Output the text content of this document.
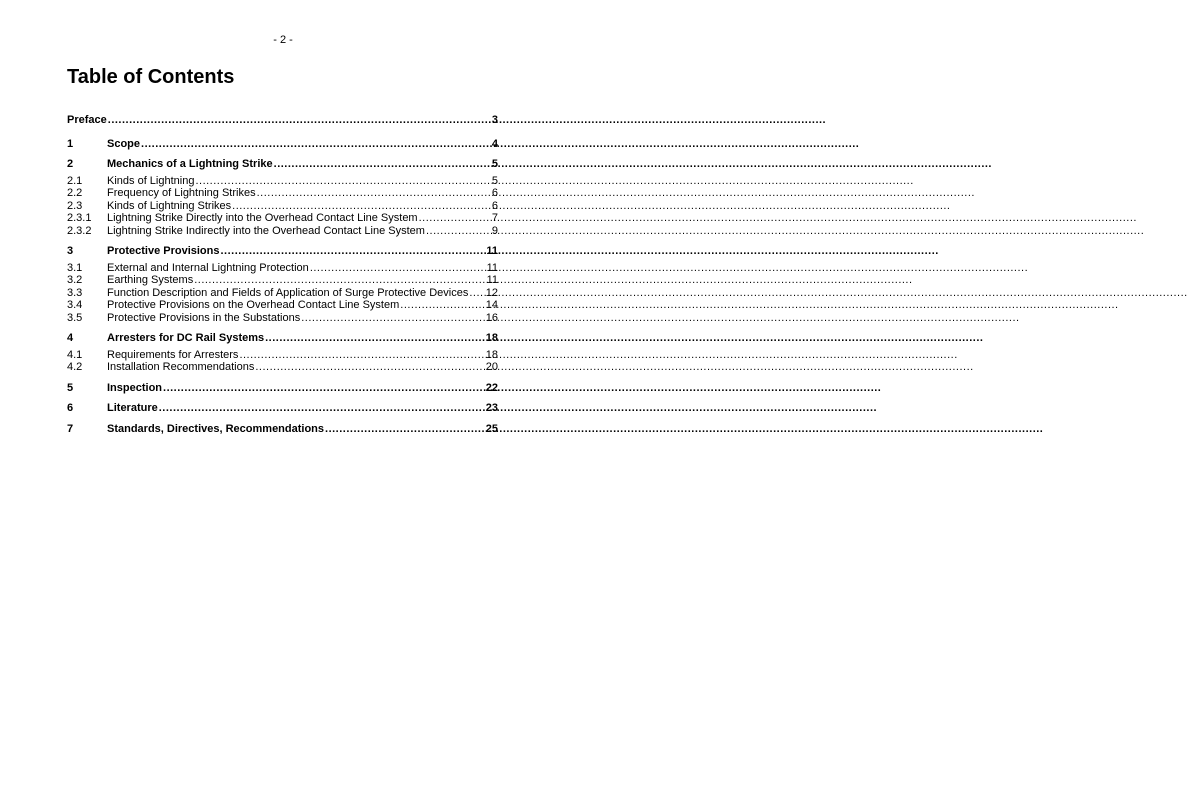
- 2 -
Table of Contents
Preface .....	3
1	Scope .....	4
2	Mechanics of a Lightning Strike .....	5
2.1	Kinds of Lightning .....	5
2.2	Frequency of Lightning Strikes .....	6
2.3	Kinds of Lightning Strikes .....	6
2.3.1	Lightning Strike Directly into the Overhead Contact Line System .....	7
2.3.2	Lightning Strike Indirectly into the Overhead Contact Line System .....	9
3	Protective Provisions .....	11
3.1	External and Internal Lightning Protection .....	11
3.2	Earthing Systems .....	11
3.3	Function Description and Fields of Application of Surge Protective Devices ..... 12
3.4	Protective Provisions on the Overhead Contact Line System .....	14
3.5	Protective Provisions in the Substations .....	16
4	Arresters for DC Rail Systems .....	18
4.1	Requirements for Arresters .....	18
4.2	Installation Recommendations .....	20
5	Inspection .....	22
6	Literature .....	23
7	Standards, Directives, Recommendations .....	25
